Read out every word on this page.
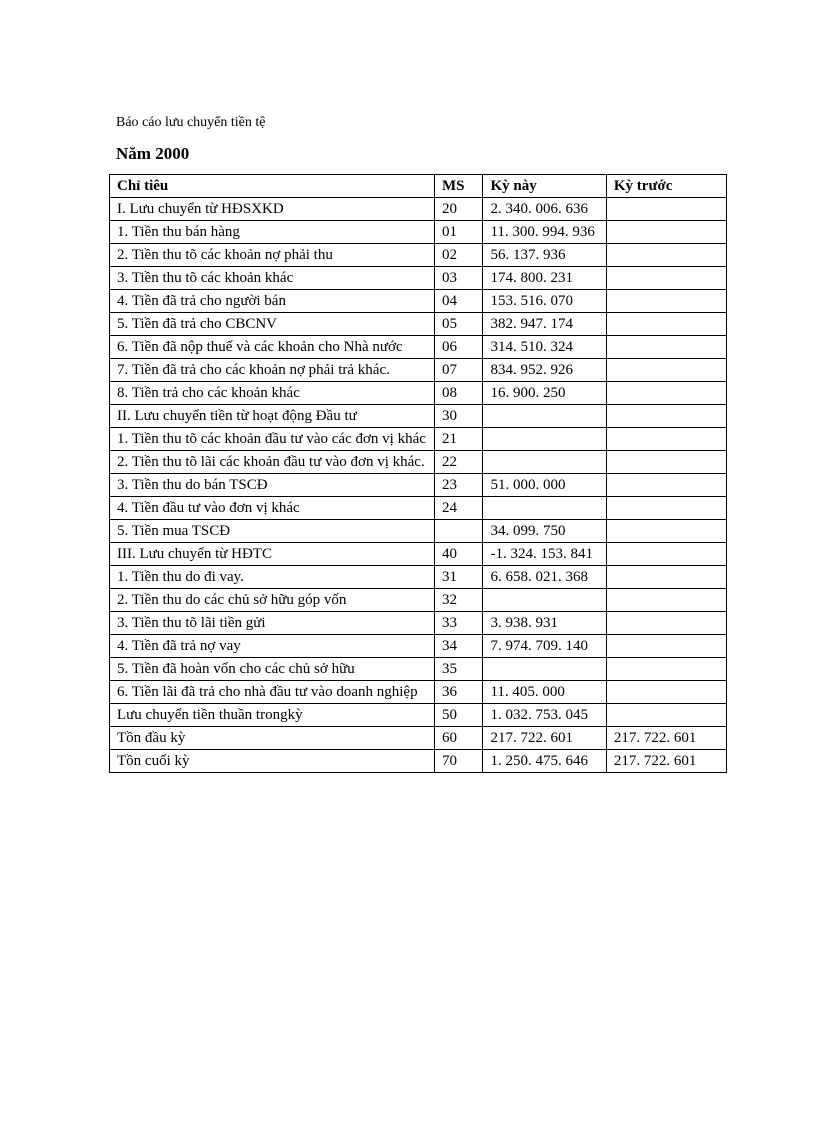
Báo cáo lưu chuyển tiền tệ
Năm 2000
Chỉ tiêu	MS	Kỳ này	Kỳ trước
I. Lưu chuyển từ HĐSXKD	20	2. 340. 006. 636	
1. Tiền thu bán hàng	01	11. 300. 994. 936	
2. Tiền thu tõ các khoản nợ phải thu	02	56. 137. 936	
3. Tiền thu tõ các khoản khác	03	174. 800. 231	
4. Tiền đã trả cho người bán	04	153. 516. 070	
5. Tiền đã trả cho CBCNV	05	382. 947. 174	
6. Tiền đã nộp thuế và các khoản cho Nhà nước	06	314. 510. 324	
7. Tiền đã trả cho các khoản nợ phải trả khác.	07	834. 952. 926	
8. Tiền trả cho các khoản khác	08	16. 900. 250	
II. Lưu chuyển tiền từ hoạt động Đầu tư	30		
1. Tiền thu tõ các khoản đầu tư vào các đơn vị khác	21		
2. Tiền thu tõ lãi các khoản đầu tư vào đơn vị khác.	22		
3. Tiền thu do bán TSCĐ	23	51. 000. 000	
4. Tiền đầu tư vào đơn vị khác	24		
5. Tiền mua TSCĐ		34. 099. 750	
III. Lưu chuyển từ HĐTC	40	-1. 324. 153. 841	
1. Tiền thu do đi vay.	31	6. 658. 021. 368	
2. Tiền thu do các chủ sở hữu góp vốn	32		
3. Tiền thu tõ lãi tiền gửi	33	3. 938. 931	
4. Tiền đã trả nợ vay	34	7. 974. 709. 140	
5. Tiền đã hoàn vốn cho các chủ sở hữu	35		
6. Tiền lãi đã trả cho nhà đầu tư vào doanh nghiệp	36	11. 405. 000	
Lưu chuyển tiền thuần trongkỳ	50	1. 032. 753. 045	
Tồn đầu kỳ	60	217. 722. 601	217. 722. 601
Tồn cuối kỳ	70	1. 250. 475. 646	217. 722. 601
